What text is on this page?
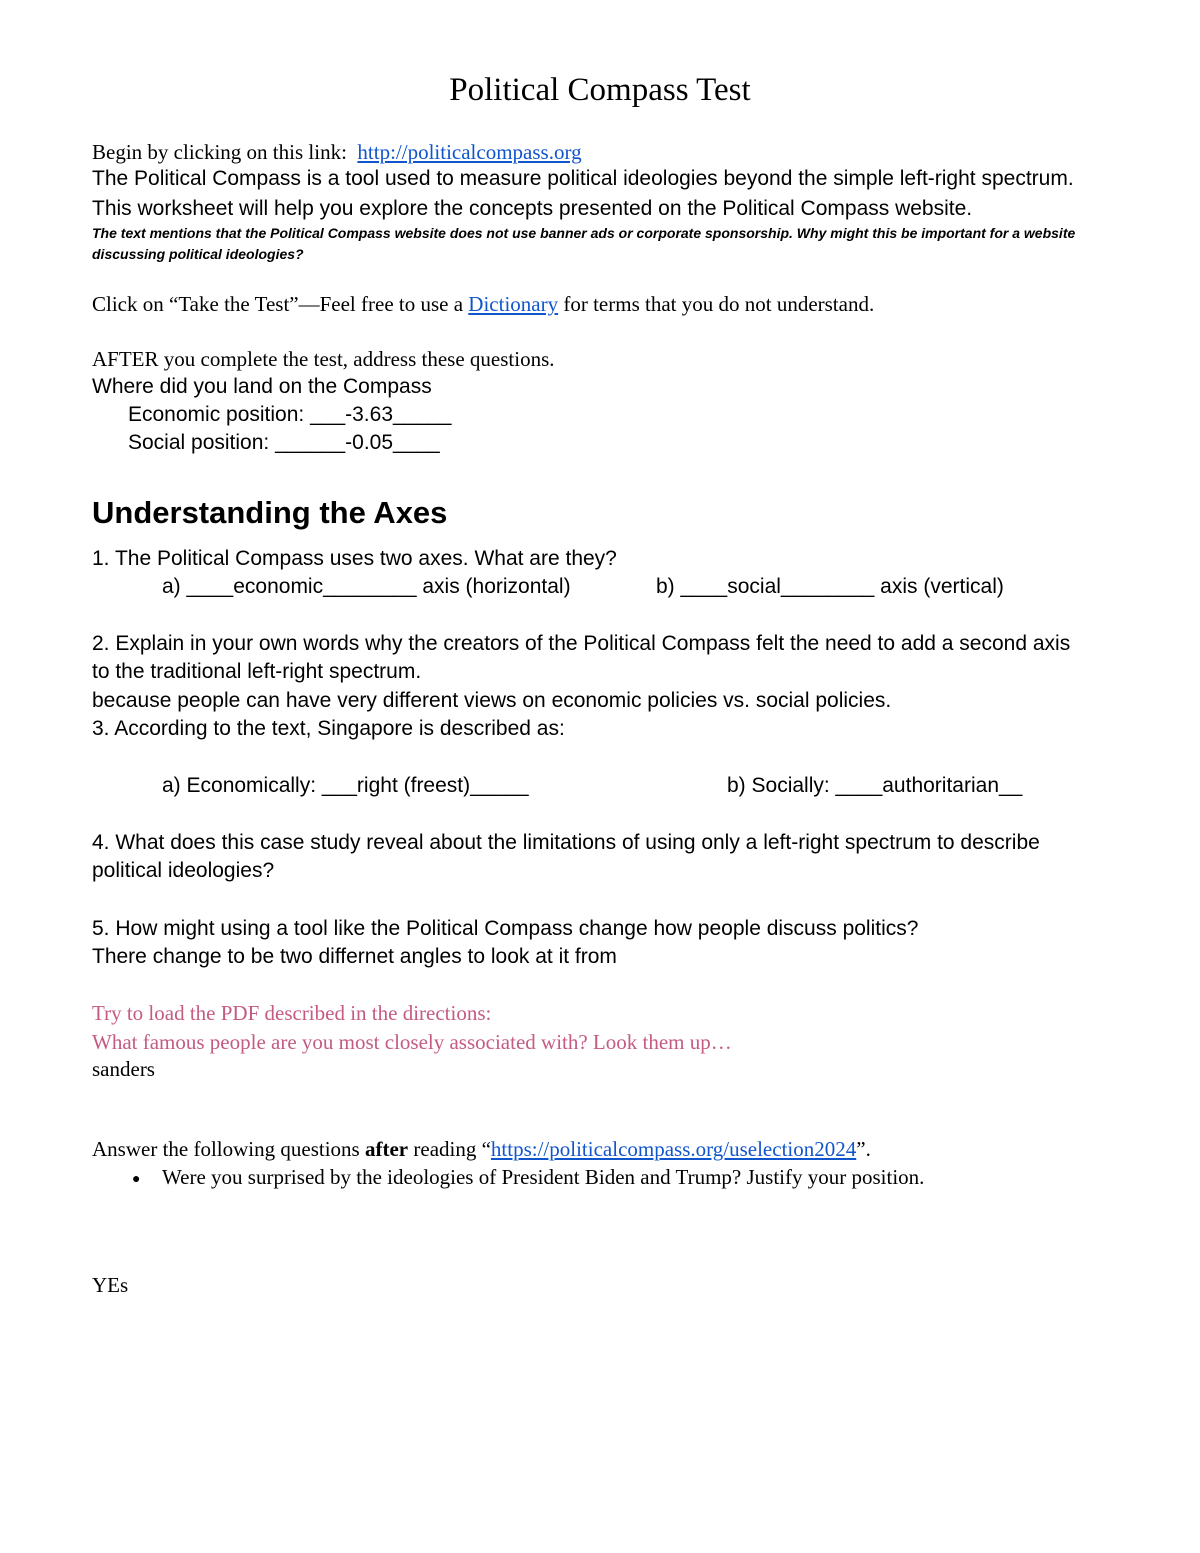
Political Compass Test
Begin by clicking on this link:  http://politicalcompass.org
The Political Compass is a tool used to measure political ideologies beyond the simple left-right spectrum.
This worksheet will help you explore the concepts presented on the Political Compass website.
The text mentions that the Political Compass website does not use banner ads or corporate sponsorship. Why might this be important for a website discussing political ideologies?
Click on “Take the Test”—Feel free to use a Dictionary for terms that you do not understand.
AFTER you complete the test, address these questions.
Where did you land on the Compass
Economic position: ___-3.63_____
Social position: ______-0.05____
Understanding the Axes
1. The Political Compass uses two axes. What are they?
a) ____economic________ axis (horizontal)	b) ____social________ axis (vertical)
2. Explain in your own words why the creators of the Political Compass felt the need to add a second axis
to the traditional left-right spectrum.
because people can have very different views on economic policies vs. social policies.
3. According to the text, Singapore is described as:
a) Economically: ___right (freest)_____	b) Socially: ____authoritarian__
4. What does this case study reveal about the limitations of using only a left-right spectrum to describe
political ideologies?
5. How might using a tool like the Political Compass change how people discuss politics?
There change to be two differnet angles to look at it from
Try to load the PDF described in the directions:
What famous people are you most closely associated with? Look them up…
sanders
Answer the following questions after reading “https://politicalcompass.org/uselection2024”.
● Were you surprised by the ideologies of President Biden and Trump? Justify your position.
YEs
